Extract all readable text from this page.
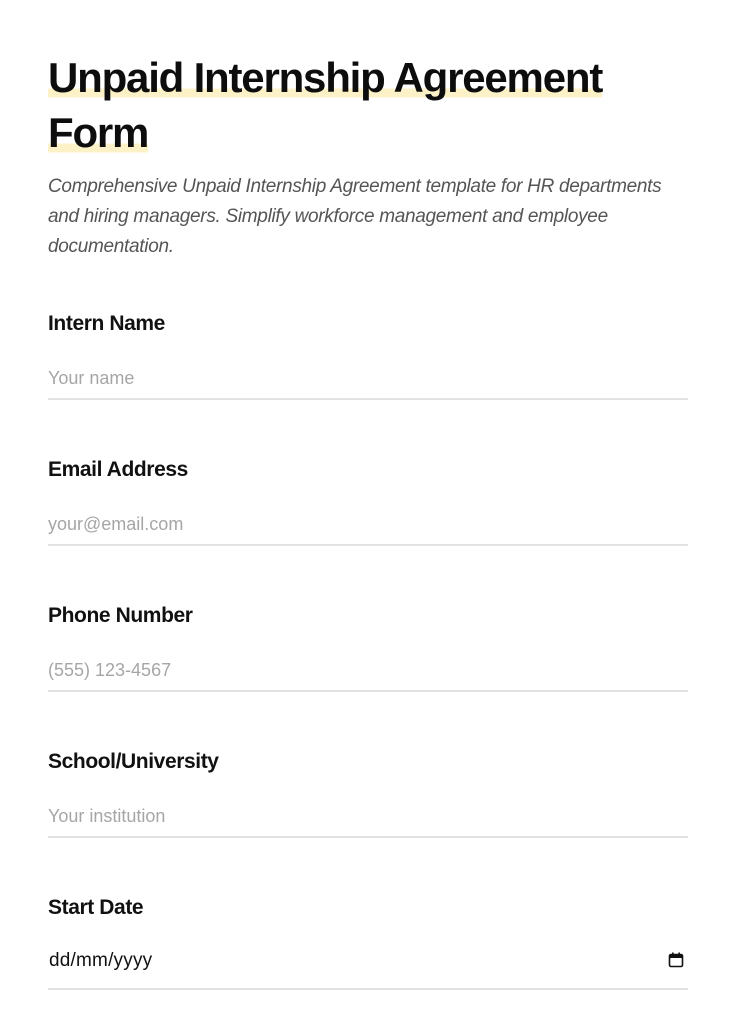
Unpaid Internship Agreement
Form

Comprehensive Unpaid Internship Agreement template for HR departments and hiring managers. Simplify workforce management and employee documentation.

Intern Name
Your name
Email Address
your@email.com
Phone Number
(555) 123-4567
School/University
Your institution
Start Date
dd/mm/yyyy
